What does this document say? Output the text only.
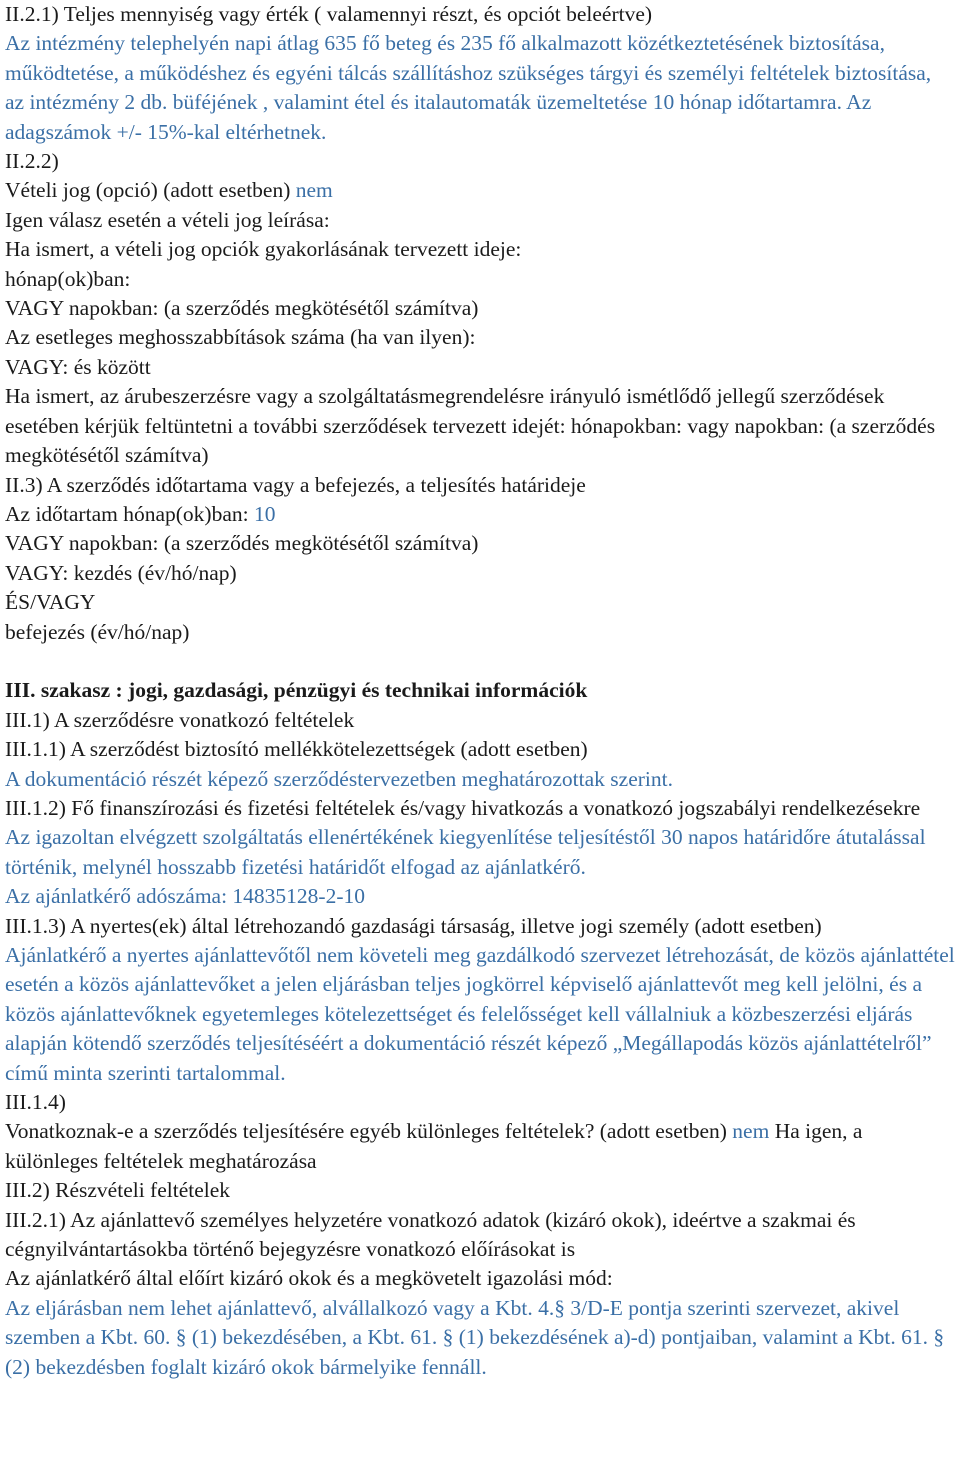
II.2.1) Teljes mennyiség vagy érték ( valamennyi részt, és opciót beleértve)

Az intézmény telephelyén napi átlag 635 fő beteg és 235 fő alkalmazott közétkeztetésének biztosítása, működtetése, a működéshez és egyéni tálcás szállításhoz szükséges tárgyi és személyi feltételek biztosítása, az intézmény 2 db. büféjének , valamint étel és italautomaták üzemeltetése 10 hónap időtartamra. Az adagszámok +/- 15%-kal eltérhetnek.

II.2.2)

Vételi jog (opció) (adott esetben) nem

Igen válasz esetén a vételi jog leírása:

Ha ismert, a vételi jog opciók gyakorlásának tervezett ideje:

hónap(ok)ban:

VAGY napokban: (a szerződés megkötésétől számítva)

Az esetleges meghosszabbítások száma (ha van ilyen):

VAGY: és között

Ha ismert, az árubeszerzésre vagy a szolgáltatásmegrendelésre irányuló ismétlődő jellegű szerződések esetében kérjük feltüntetni a további szerződések tervezett idejét: hónapokban: vagy napokban: (a szerződés megkötésétől számítva)

II.3) A szerződés időtartama vagy a befejezés, a teljesítés határideje

Az időtartam hónap(ok)ban: 10

VAGY napokban: (a szerződés megkötésétől számítva)

VAGY: kezdés (év/hó/nap)

ÉS/VAGY

befejezés (év/hó/nap)

III. szakasz : jogi, gazdasági, pénzügyi és technikai információk

III.1) A szerződésre vonatkozó feltételek

III.1.1) A szerződést biztosító mellékkötelezettségek (adott esetben)

A dokumentáció részét képező szerződéstervezetben meghatározottak szerint.

III.1.2) Fő finanszírozási és fizetési feltételek és/vagy hivatkozás a vonatkozó jogszabályi rendelkezésekre

Az igazoltan elvégzett szolgáltatás ellenértékének kiegyenlítése teljesítéstől 30 napos határidőre átutalással történik, melynél hosszabb fizetési határidőt elfogad az ajánlatkérő.

Az ajánlatkérő adószáma: 14835128-2-10

III.1.3) A nyertes(ek) által létrehozandó gazdasági társaság, illetve jogi személy (adott esetben)

Ajánlatkérő a nyertes ajánlattevőtől nem követeli meg gazdálkodó szervezet létrehozását, de közös ajánlattétel esetén a közös ajánlattevőket a jelen eljárásban teljes jogkörrel képviselő ajánlattevőt meg kell jelölni, és a közös ajánlattevőknek egyetemleges kötelezettséget és felelősséget kell vállalniuk a közbeszerzési eljárás alapján kötendő szerződés teljesítéséért a dokumentáció részét képező „Megállapodás közös ajánlattételről” című minta szerinti tartalommal.

III.1.4)

Vonatkoznak-e a szerződés teljesítésére egyéb különleges feltételek? (adott esetben) nem Ha igen, a különleges feltételek meghatározása

III.2) Részvételi feltételek

III.2.1) Az ajánlattevő személyes helyzetére vonatkozó adatok (kizáró okok), ideértve a szakmai és cégnyilvántartásokba történő bejegyzésre vonatkozó előírásokat is

Az ajánlatkérő által előírt kizáró okok és a megkövetelt igazolási mód:

Az eljárásban nem lehet ajánlattevő, alvállalkozó vagy a Kbt. 4.§ 3/D-E pontja szerinti szervezet, akivel szemben a Kbt. 60. § (1) bekezdésében, a Kbt. 61. § (1) bekezdésének a)-d) pontjaiban, valamint a Kbt. 61. § (2) bekezdésben foglalt kizáró okok bármelyike fennáll.
